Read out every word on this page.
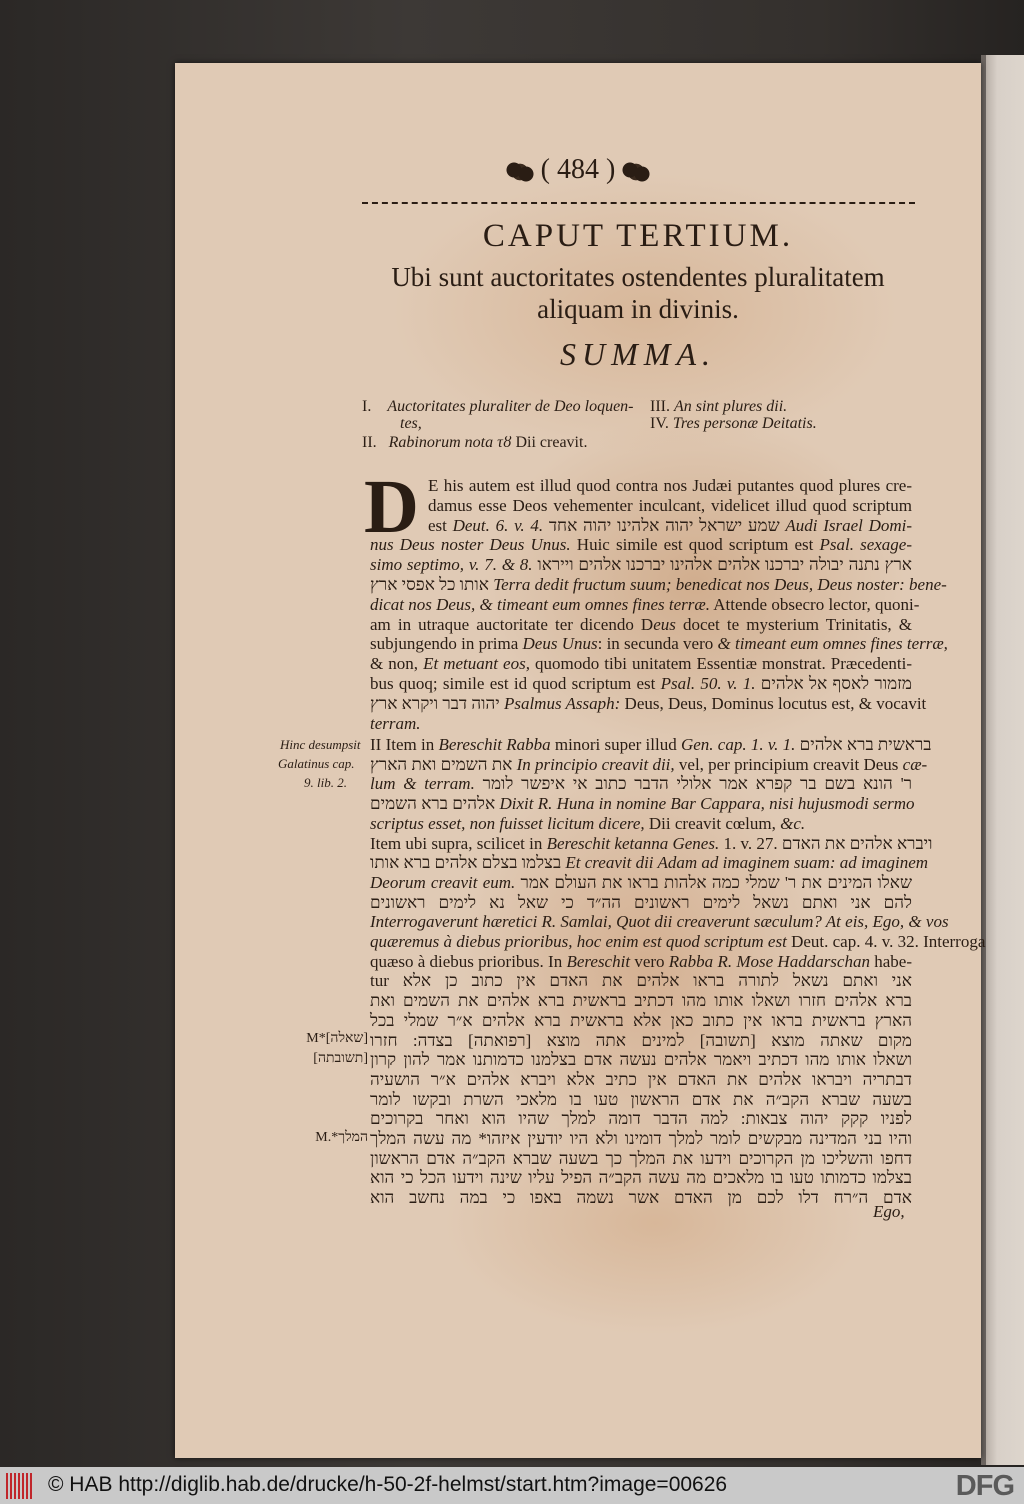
( 484 )
CAPUT TERTIUM.
Ubi sunt auctoritates ostendentes pluralitatem
aliquam in divinis.
SUMMA.
I. Auctoritates pluraliter de Deo loquen-
tes,
II. Rabinorum nota τȣ Dii creavit.
III. An sint plures dii.
IV. Tres personæ Deitatis.
D E his autem est illud quod contra nos Judæi putantes quod plures cre-
damus esse Deos vehementer inculcant, videlicet illud quod scriptum
est Deut. 6. v. 4. שמע ישראל יהוה אלהינו יהוה אחד Audi Israel Domi-
nus Deus noster Deus Unus. Huic simile est quod scriptum est Psal. sexage-
simo septimo, v. 7. & 8. ארץ נתנה יבולה יברכנו אלהים אלהינו יברכנו אלהים וייראו
אותו כל אפסי ארץ Terra dedit fructum suum; benedicat nos Deus, Deus noster: bene-
dicat nos Deus, & timeant eum omnes fines terræ. Attende obsecro lector, quoni-
am in utraque auctoritate ter dicendo Deus docet te mysterium Trinitatis, &
subjungendo in prima Deus Unus: in secunda vero & timeant eum omnes fines terræ,
& non, Et metuant eos, quomodo tibi unitatem Essentiæ monstrat. Præcedenti-
bus quoq; simile est id quod scriptum est Psal. 50. v. 1. מזמור לאסף אל אלהים
יהוה דבר ויקרא ארץ Psalmus Assaph: Deus, Deus, Dominus locutus est, & vocavit
terram.
II Item in Bereschit Rabba minori super illud Gen. cap. 1. v. 1. בראשית ברא אלהים
את השמים ואת הארץ In principio creavit dii, vel, per principium creavit Deus cæ-
lum & terram. ר' הונא בשם בר קפרא אמר אלולי הדבר כתוב אי איפשר לומר
אלהים ברא השמים Dixit R. Huna in nomine Bar Cappara, nisi hujusmodi sermo
scriptus esset, non fuisset licitum dicere, Dii creavit cœlum, &c.
Item ubi supra, scilicet in Bereschit ketanna Genes. 1. v. 27. ויברא אלהים את האדם
בצלמו בצלם אלהים ברא אותו Et creavit dii Adam ad imaginem suam: ad imaginem
Deorum creavit eum. שאלו המינים את ר' שמלי כמה אלהות בראו את העולם אמר
להם אני ואתם נשאל לימים ראשונים הה״ד כי שאל נא לימים ראשונים
Interrogaverunt hæretici R. Samlai, Quot dii creaverunt sæculum? At eis, Ego, & vos
quæremus à diebus prioribus, hoc enim est quod scriptum est Deut. cap. 4. v. 32. Interroga
quæso à diebus prioribus. In Bereschit vero Rabba R. Mose Haddarschan habe-
tur אני ואתם נשאל לתורה בראו אלהים את האדם אין כתוב כן אלא
ברא אלהים חזרו ושאלו אותו מהו דכתיב בראשית ברא אלהים את השמים ואת
הארץ בראשית בראו אין כתוב כאן אלא בראשית ברא אלהים א״ר שמלי בכל
מקום שאתה מוצא [תשובה] למינים אתה מוצא [רפואתה] בצדה: חזרו
ושאלו אותו מהו דכתיב ויאמר אלהים נעשה אדם בצלמנו כדמותנו אמר להון קרון
דבתריה ויבראו אלהים את האדם אין כתיב אלא ויברא אלהים א״ר הושעיה
בשעה שברא הקב״ה את אדם הראשון טעו בו מלאכי השרת ובקשו לומר
לפניו קקק יהוה צבאות: למה הדבר דומה למלך שהיו הוא ואחר בקרוכים
והיו בני המדינה מבקשים לומר למלך דומינו ולא היו יודעין איזהו* מה עשה המלך
דחפו והשליכו מן הקרוכים וידעו את המלך כך בשעה שברא הקב״ה אדם הראשון
בצלמו כדמותו טעו בו מלאכים מה עשה הקב״ה הפיל עליו שינה וידעו הכל כי הוא
אדם ה״רח דלו לכם מן האדם אשר נשמה באפו כי במה נחשב הוא
Hinc desumpsit
Galatinus cap.
9. lib. 2.
M*[שאלה]
[תשובתה]
M.*המלך
Ego,
© HAB http://diglib.hab.de/drucke/h-50-2f-helmst/start.htm?image=00626	DFG
